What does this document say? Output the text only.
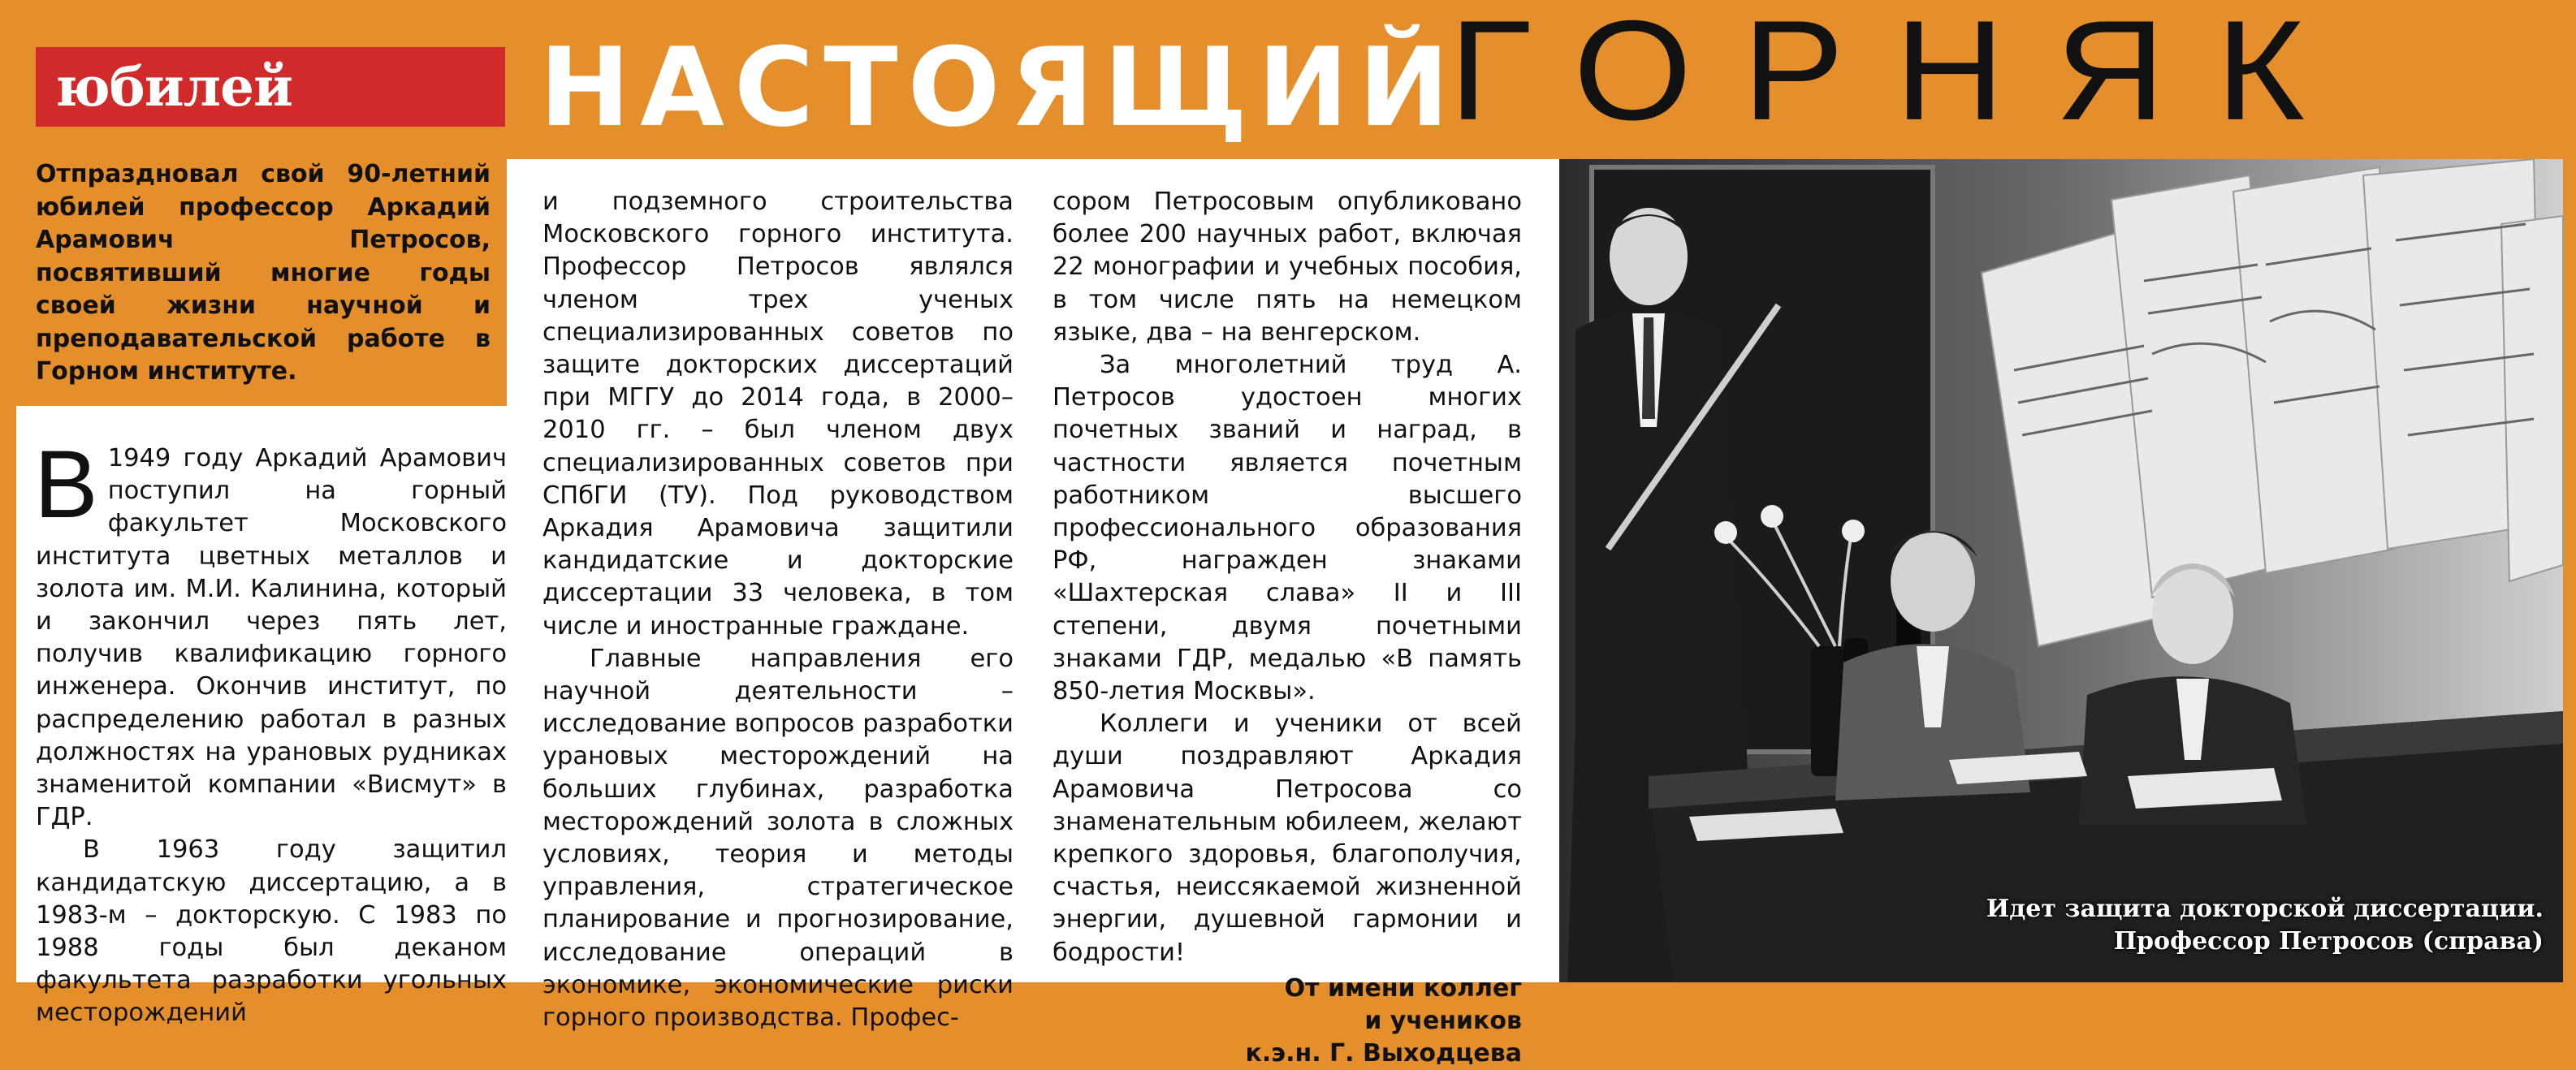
юбилей	НАСТОЯЩИЙ
ГОРНЯК
Отпраздновал свой 90-летний юбилей профессор Аркадий Арамович Петросов, посвятивший многие годы своей жизни научной и преподавательской работе в Горном институте.

В 1949 году Аркадий Арамович поступил на горный факультет Московского института цветных металлов и золота им. М.И. Калинина, который и закончил через пять лет, получив квалификацию горного инженера. Окончив институт, по распределению работал в разных должностях на урановых рудниках знаменитой компании «Висмут» в ГДР.

В 1963 году защитил кандидатскую диссертацию, а в 1983-м – докторскую. С 1983 по 1988 годы был деканом факультета разработки угольных месторождений

и подземного строительства Московского горного института. Профессор Петросов являлся членом трех ученых специализированных советов по защите докторских диссертаций при МГГУ до 2014 года, в 2000–2010 гг. – был членом двух специализированных советов при СПбГИ (ТУ). Под руководством Аркадия Арамовича защитили кандидатские и докторские диссертации 33 человека, в том числе и иностранные граждане.

Главные направления его научной деятельности – исследование вопросов разработки урановых месторождений на больших глубинах, разработка месторождений золота в сложных условиях, теория и методы управления, стратегическое планирование и прогнозирование, исследование операций в экономике, экономические риски горного производства. Профес-

сором Петросовым опубликовано более 200 научных работ, включая 22 монографии и учебных пособия, в том числе пять на немецком языке, два – на венгерском.

За многолетний труд А. Петросов удостоен многих почетных званий и наград, в частности является почетным работником высшего профессионального образования РФ, награжден знаками «Шахтерская слава» II и III степени, двумя почетными знаками ГДР, медалью «В память 850-летия Москвы».

Коллеги и ученики от всей души поздравляют Аркадия Арамовича Петросова со знаменательным юбилеем, желают крепкого здоровья, благополучия, счастья, неиссякаемой жизненной энергии, душевной гармонии и бодрости!

От имени коллег
и учеников
к.э.н. Г. Выходцева
Идет защита докторской диссертации.
Профессор Петросов (справа)
